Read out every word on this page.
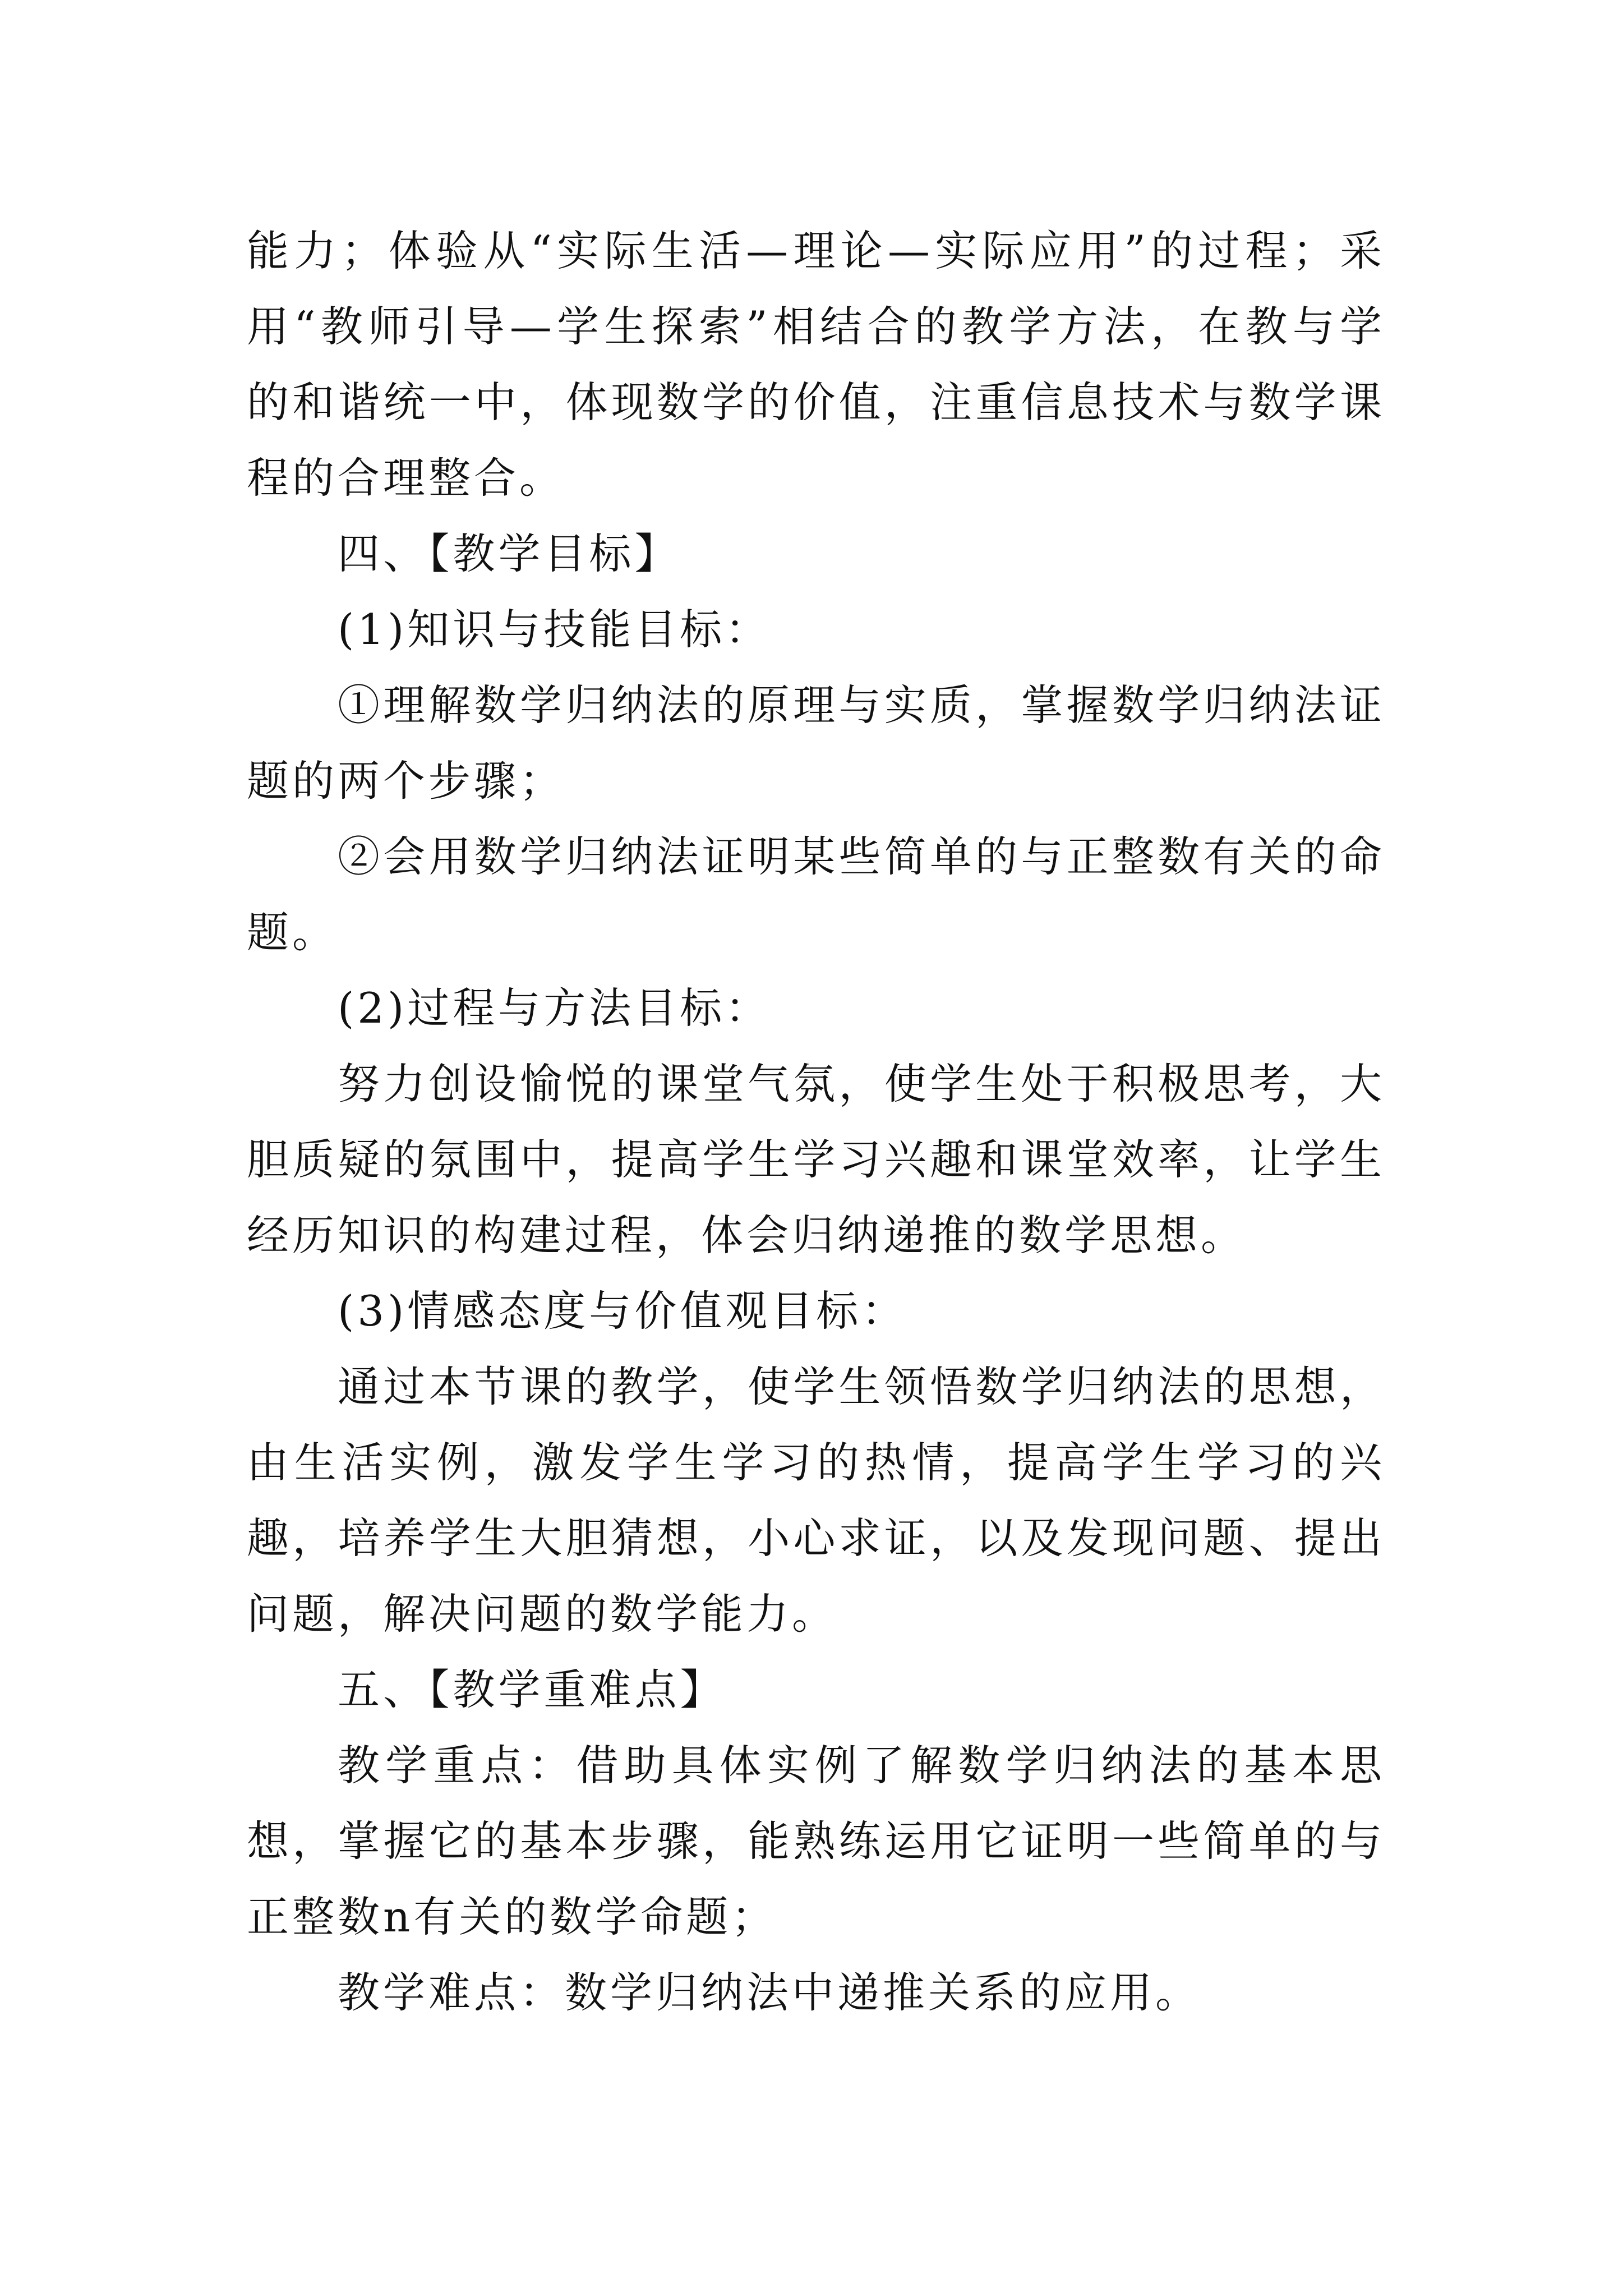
能力；体验从“实际生活—理论—实际应用”的过程；采用“教师引导—学生探索”相结合的教学方法，在教与学的和谐统一中，体现数学的价值，注重信息技术与数学课程的合理整合。

四、【教学目标】

(1)知识与技能目标：

①理解数学归纳法的原理与实质，掌握数学归纳法证题的两个步骤；

②会用数学归纳法证明某些简单的与正整数有关的命题。

(2)过程与方法目标：

努力创设愉悦的课堂气氛，使学生处于积极思考，大胆质疑的氛围中，提高学生学习兴趣和课堂效率，让学生经历知识的构建过程，体会归纳递推的数学思想。

(3)情感态度与价值观目标：

通过本节课的教学，使学生领悟数学归纳法的思想，由生活实例，激发学生学习的热情，提高学生学习的兴趣，培养学生大胆猜想，小心求证，以及发现问题、提出问题，解决问题的数学能力。

五、【教学重难点】

教学重点：借助具体实例了解数学归纳法的基本思想，掌握它的基本步骤，能熟练运用它证明一些简单的与正整数n有关的数学命题；

教学难点：数学归纳法中递推关系的应用。
